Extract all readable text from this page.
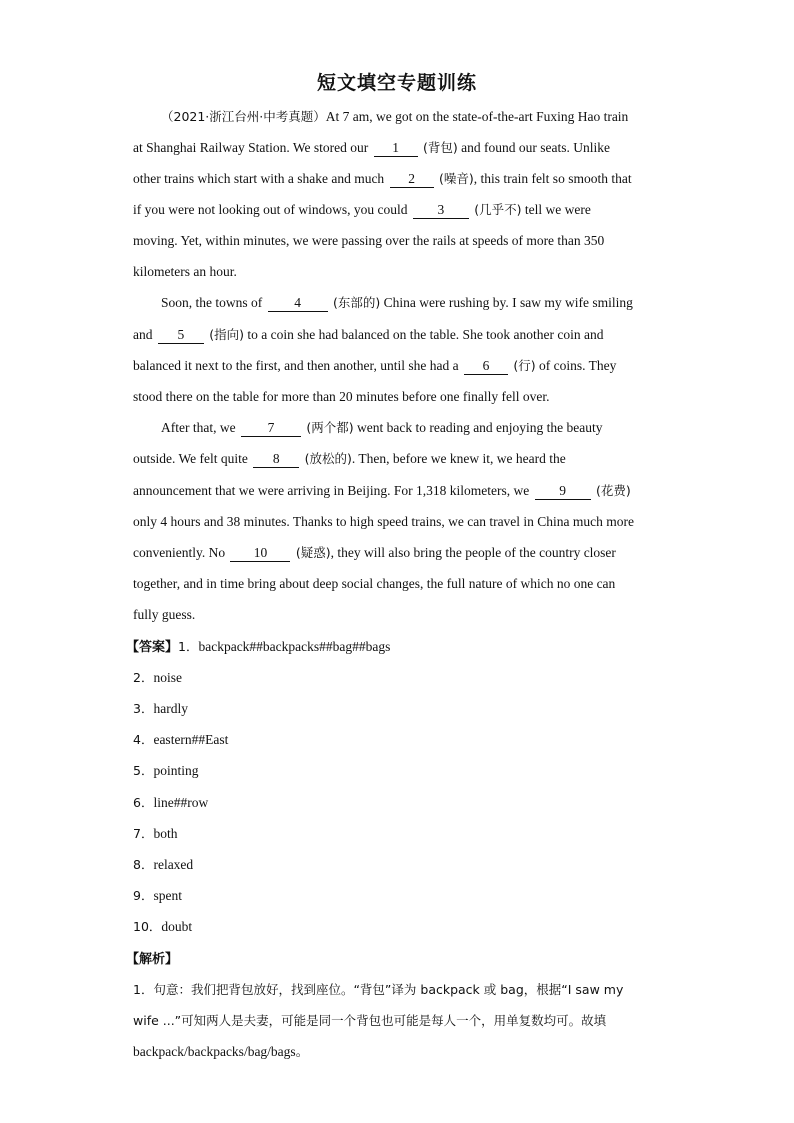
短文填空专题训练
（2021·浙江台州·中考真题）At 7 am, we got on the state-of-the-art Fuxing Hao train
at Shanghai Railway Station. We stored our 1 (背包) and found our seats. Unlike
other trains which start with a shake and much 2 (噪音), this train felt so smooth that
if you were not looking out of windows, you could 3 (几乎不) tell we were
moving. Yet, within minutes, we were passing over the rails at speeds of more than 350
kilometers an hour.
Soon, the towns of 4	(东部的) China were rushing by. I saw my wife smiling
and 5 (指向) to a coin she had balanced on the table. She took another coin and
balanced it next to the first, and then another, until she had a 6 (行) of coins. They
stood there on the table for more than 20 minutes before one finally fell over.
After that, we 7	(两个都) went back to reading and enjoying the beauty
outside. We felt quite 8 (放松的). Then, before we knew it, we heard the
announcement that we were arriving in Beijing. For 1,318 kilometers, we 9 (花费)
only 4 hours and 38 minutes. Thanks to high speed trains, we can travel in China much more
conveniently. No 10 (疑惑), they will also bring the people of the country closer
together, and in time bring about deep social changes, the full nature of which no one can
fully guess.
【答案】1．backpack##backpacks##bag##bags
2．noise
3．hardly
4．eastern##East
5．pointing
6．line##row
7．both
8．relaxed
9．spent
10．doubt
【解析】
1．句意：我们把背包放好，找到座位。“背包”译为 backpack 或 bag，根据“I saw my
wife ...”可知两人是夫妻，可能是同一个背包也可能是每人一个，用单复数均可。故填
backpack/backpacks/bag/bags。
